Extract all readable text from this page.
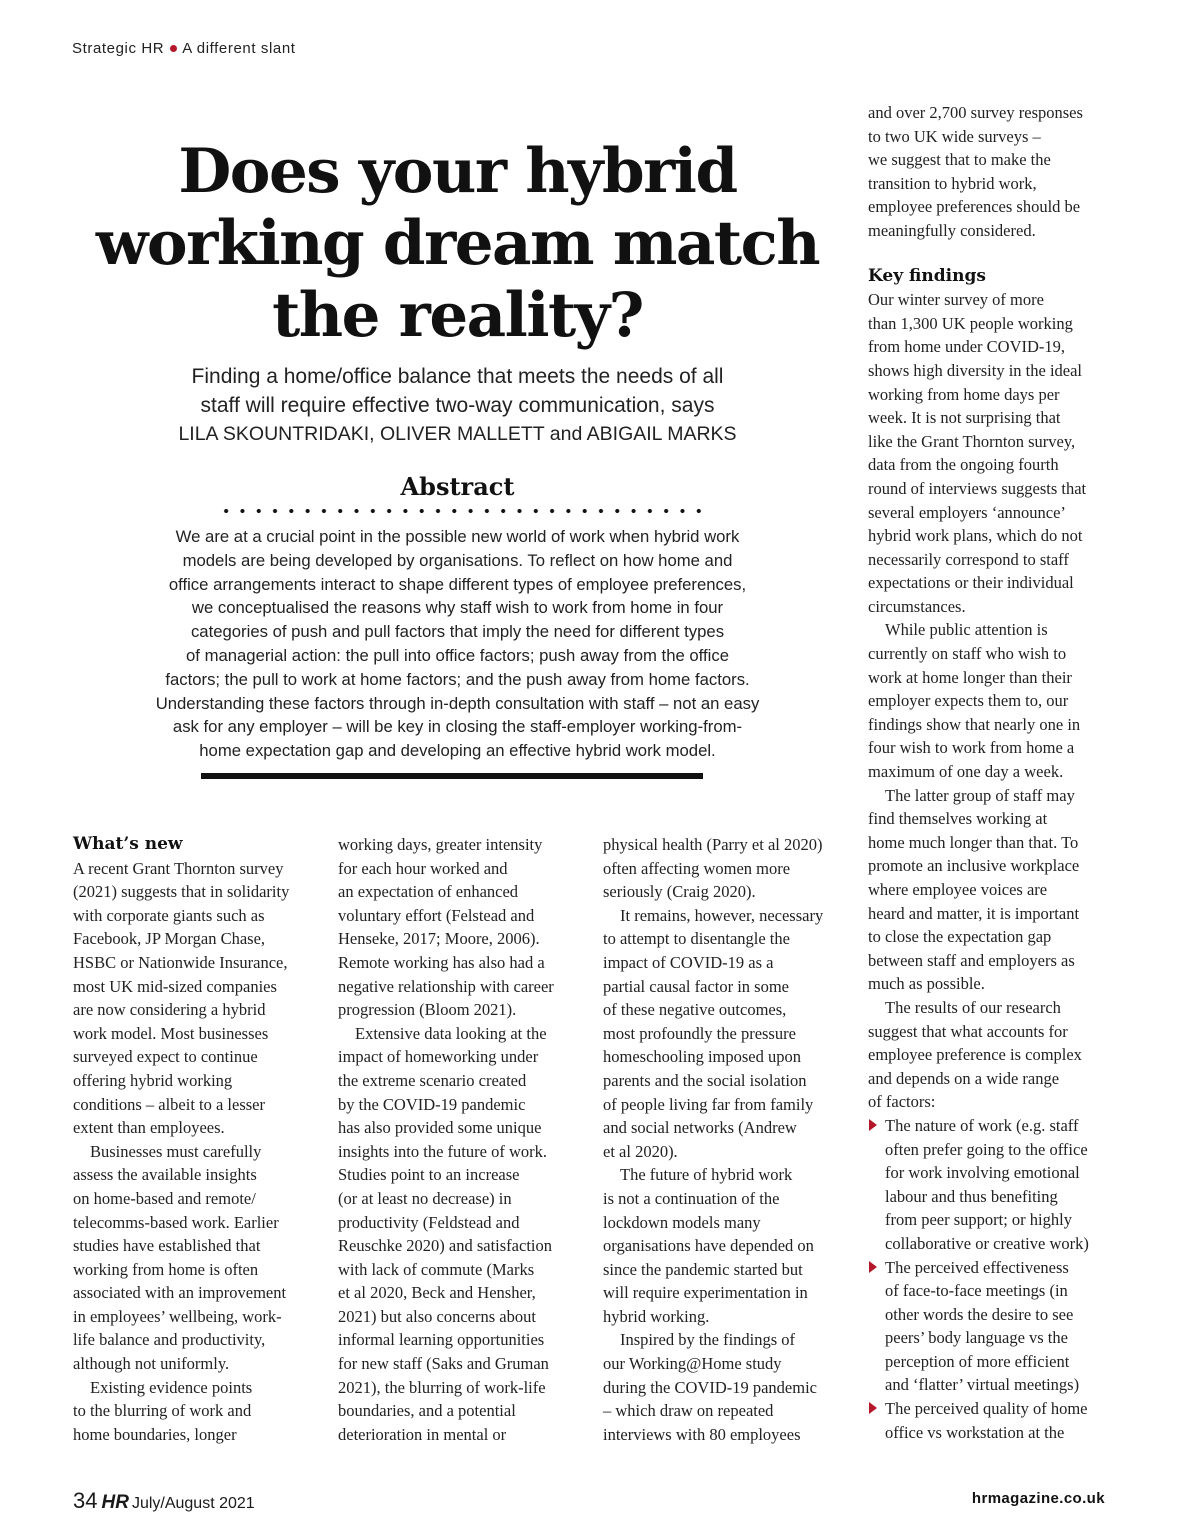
Strategic HR A different slant
Does your hybrid
working dream match
the reality?
Finding a home/office balance that meets the needs of all
staff will require effective two-way communication, says
LILA SKOUNTRIDAKI, OLIVER MALLETT and ABIGAIL MARKS
Abstract
We are at a crucial point in the possible new world of work when hybrid work
models are being developed by organisations. To reflect on how home and
office arrangements interact to shape different types of employee preferences,
we conceptualised the reasons why staff wish to work from home in four
categories of push and pull factors that imply the need for different types
of managerial action: the pull into office factors; push away from the office
factors; the pull to work at home factors; and the push away from home factors.
Understanding these factors through in-depth consultation with staff – not an easy
ask for any employer – will be key in closing the staff-employer working-from-
home expectation gap and developing an effective hybrid work model.
What’s new
A recent Grant Thornton survey
(2021) suggests that in solidarity
with corporate giants such as
Facebook, JP Morgan Chase,
HSBC or Nationwide Insurance,
most UK mid-sized companies
are now considering a hybrid
work model. Most businesses
surveyed expect to continue
offering hybrid working
conditions – albeit to a lesser
extent than employees.
Businesses must carefully
assess the available insights
on home-based and remote/
telecomms-based work. Earlier
studies have established that
working from home is often
associated with an improvement
in employees’ wellbeing, work-
life balance and productivity,
although not uniformly.
Existing evidence points
to the blurring of work and
home boundaries, longer
working days, greater intensity
for each hour worked and
an expectation of enhanced
voluntary effort (Felstead and
Henseke, 2017; Moore, 2006).
Remote working has also had a
negative relationship with career
progression (Bloom 2021).
Extensive data looking at the
impact of homeworking under
the extreme scenario created
by the COVID-19 pandemic
has also provided some unique
insights into the future of work.
Studies point to an increase
(or at least no decrease) in
productivity (Feldstead and
Reuschke 2020) and satisfaction
with lack of commute (Marks
et al 2020, Beck and Hensher,
2021) but also concerns about
informal learning opportunities
for new staff (Saks and Gruman
2021), the blurring of work-life
boundaries, and a potential
deterioration in mental or
physical health (Parry et al 2020)
often affecting women more
seriously (Craig 2020).
It remains, however, necessary
to attempt to disentangle the
impact of COVID-19 as a
partial causal factor in some
of these negative outcomes,
most profoundly the pressure
homeschooling imposed upon
parents and the social isolation
of people living far from family
and social networks (Andrew
et al 2020).
The future of hybrid work
is not a continuation of the
lockdown models many
organisations have depended on
since the pandemic started but
will require experimentation in
hybrid working.
Inspired by the findings of
our Working@Home study
during the COVID-19 pandemic
– which draw on repeated
interviews with 80 employees
and over 2,700 survey responses
to two UK wide surveys –
we suggest that to make the
transition to hybrid work,
employee preferences should be
meaningfully considered.
Key findings
Our winter survey of more
than 1,300 UK people working
from home under COVID-19,
shows high diversity in the ideal
working from home days per
week. It is not surprising that
like the Grant Thornton survey,
data from the ongoing fourth
round of interviews suggests that
several employers ‘announce’
hybrid work plans, which do not
necessarily correspond to staff
expectations or their individual
circumstances.
While public attention is
currently on staff who wish to
work at home longer than their
employer expects them to, our
findings show that nearly one in
four wish to work from home a
maximum of one day a week.
The latter group of staff may
find themselves working at
home much longer than that. To
promote an inclusive workplace
where employee voices are
heard and matter, it is important
to close the expectation gap
between staff and employers as
much as possible.
The results of our research
suggest that what accounts for
employee preference is complex
and depends on a wide range
of factors:
The nature of work (e.g. staff
often prefer going to the office
for work involving emotional
labour and thus benefiting
from peer support; or highly
collaborative or creative work)
The perceived effectiveness
of face-to-face meetings (in
other words the desire to see
peers’ body language vs the
perception of more efficient
and ‘flatter’ virtual meetings)
The perceived quality of home
office vs workstation at the
34 HR July/August 2021	hrmagazine.co.uk
